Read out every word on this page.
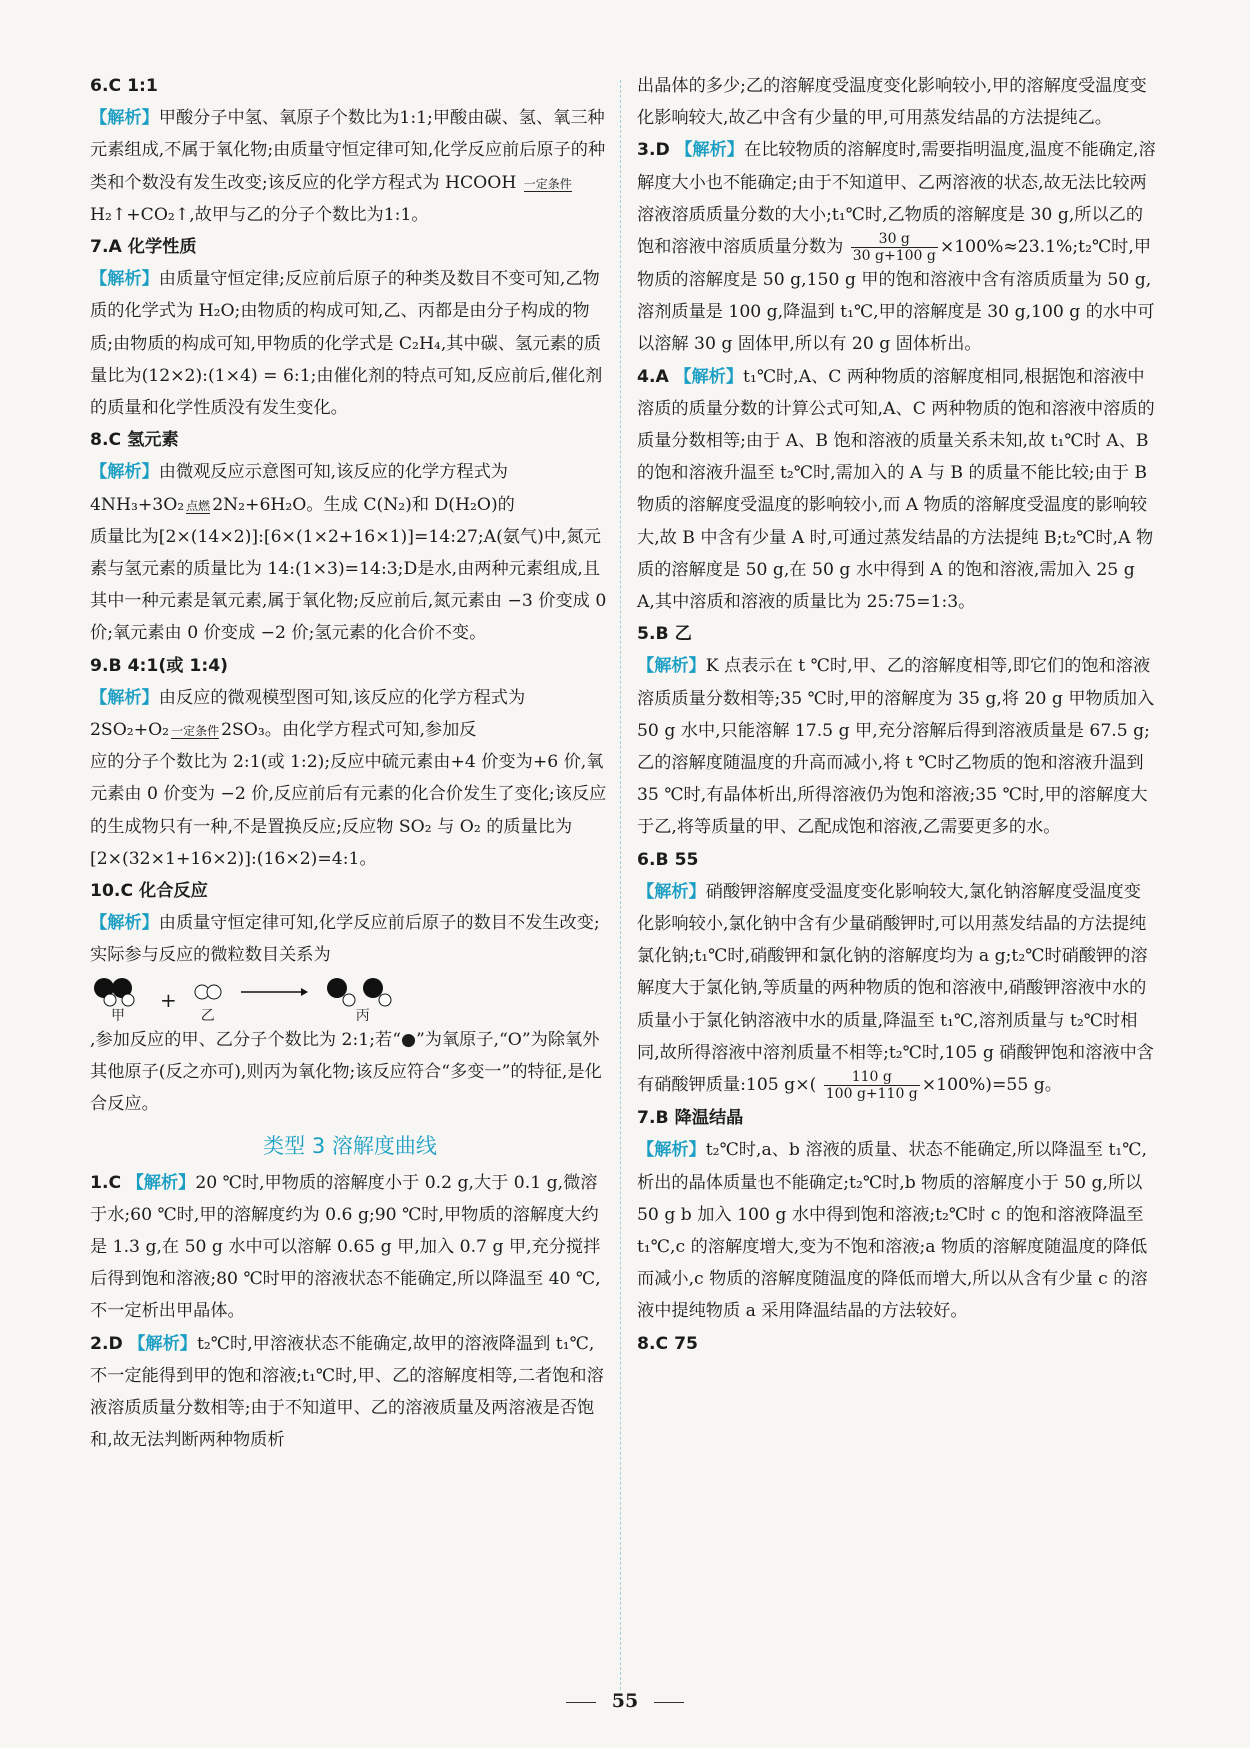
6.C 1:1
【解析】甲酸分子中氢、氧原子个数比为1:1;甲酸由碳、氢、氧三种元素组成,不属于氧化物;由质量守恒定律可知,化学反应前后原子的种类和个数没有发生改变;该反应的化学方程式为 HCOOH 一定条件
H₂↑+CO₂↑,故甲与乙的分子个数比为1:1。

7.A 化学性质
【解析】由质量守恒定律;反应前后原子的种类及数目不变可知,乙物质的化学式为 H₂O;由物质的构成可知,乙、丙都是由分子构成的物质;由物质的构成可知,甲物质的化学式是 C₂H₄,其中碳、氢元素的质量比为(12×2):(1×4) = 6:1;由催化剂的特点可知,反应前后,催化剂的质量和化学性质没有发生变化。

8.C 氢元素
【解析】由微观反应示意图可知,该反应的化学方程式为
4NH₃+3O₂ 点燃 2N₂+6H₂O。生成 C(N₂)和 D(H₂O)的
质量比为[2×(14×2)]:[6×(1×2+16×1)]=14:27;A(氨气)中,氮元素与氢元素的质量比为 14:(1×3)=14:3;D是水,由两种元素组成,且其中一种元素是氧元素,属于氧化物;反应前后,氮元素由 −3 价变成 0 价;氧元素由 0 价变成 −2 价;氢元素的化合价不变。

9.B 4:1(或 1:4)
【解析】由反应的微观模型图可知,该反应的化学方程式为
2SO₂+O₂ 一定条件 2SO₃。由化学方程式可知,参加反
应的分子个数比为 2:1(或 1:2);反应中硫元素由+4 价变为+6 价,氧元素由 0 价变为 −2 价,反应前后有元素的化合价发生了变化;该反应的生成物只有一种,不是置换反应;反应物 SO₂ 与 O₂ 的质量比为[2×(32×1+16×2)]:(16×2)=4:1。

10.C 化合反应
【解析】由质量守恒定律可知,化学反应前后原子的数目不发生改变;实际参与反应的微粒数目关系为

甲
+

乙
	丙

,参加反应的甲、乙分子个数比为 2:1;若“●”为氧原子,“O”为除氧外其他原子(反之亦可),则丙为氧化物;该反应符合“多变一”的特征,是化合反应。

类型 3 溶解度曲线

1.C 【解析】20 ℃时,甲物质的溶解度小于 0.2 g,大于 0.1 g,微溶于水;60 ℃时,甲的溶解度约为 0.6 g;90 ℃时,甲物质的溶解度大约是 1.3 g,在 50 g 水中可以溶解 0.65 g 甲,加入 0.7 g 甲,充分搅拌后得到饱和溶液;80 ℃时甲的溶液状态不能确定,所以降温至 40 ℃,不一定析出甲晶体。

2.D 【解析】t₂℃时,甲溶液状态不能确定,故甲的溶液降温到 t₁℃,不一定能得到甲的饱和溶液;t₁℃时,甲、乙的溶解度相等,二者饱和溶液溶质质量分数相等;由于不知道甲、乙的溶液质量及两溶液是否饱和,故无法判断两种物质析

出晶体的多少;乙的溶解度受温度变化影响较小,甲的溶解度受温度变化影响较大,故乙中含有少量的甲,可用蒸发结晶的方法提纯乙。

3.D 【解析】在比较物质的溶解度时,需要指明温度,温度不能确定,溶解度大小也不能确定;由于不知道甲、乙两溶液的状态,故无法比较两溶液溶质质量分数的大小;t₁℃时,乙物质的溶解度是 30 g,所以乙的饱和溶液中溶质质量分数为 $\frac{30 g}{30 g+100 g}$ ×100%≈23.1%;t₂℃时,甲物质的溶解度是 50 g,150 g 甲的饱和溶液中含有溶质质量为 50 g,溶剂质量是 100 g,降温到 t₁℃,甲的溶解度是 30 g,100 g 的水中可以溶解 30 g 固体甲,所以有 20 g 固体析出。

4.A 【解析】t₁℃时,A、C 两种物质的溶解度相同,根据饱和溶液中溶质的质量分数的计算公式可知,A、C 两种物质的饱和溶液中溶质的质量分数相等;由于 A、B 饱和溶液的质量关系未知,故 t₁℃时 A、B 的饱和溶液升温至 t₂℃时,需加入的 A 与 B 的质量不能比较;由于 B 物质的溶解度受温度的影响较小,而 A 物质的溶解度受温度的影响较大,故 B 中含有少量 A 时,可通过蒸发结晶的方法提纯 B;t₂℃时,A 物质的溶解度是 50 g,在 50 g 水中得到 A 的饱和溶液,需加入 25 g A,其中溶质和溶液的质量比为 25:75=1:3。

5.B 乙
【解析】K 点表示在 t ℃时,甲、乙的溶解度相等,即它们的饱和溶液溶质质量分数相等;35 ℃时,甲的溶解度为 35 g,将 20 g 甲物质加入 50 g 水中,只能溶解 17.5 g 甲,充分溶解后得到溶液质量是 67.5 g;乙的溶解度随温度的升高而减小,将 t ℃时乙物质的饱和溶液升温到 35 ℃时,有晶体析出,所得溶液仍为饱和溶液;35 ℃时,甲的溶解度大于乙,将等质量的甲、乙配成饱和溶液,乙需要更多的水。

6.B 55
【解析】硝酸钾溶解度受温度变化影响较大,氯化钠溶解度受温度变化影响较小,氯化钠中含有少量硝酸钾时,可以用蒸发结晶的方法提纯氯化钠;t₁℃时,硝酸钾和氯化钠的溶解度均为 a g;t₂℃时硝酸钾的溶解度大于氯化钠,等质量的两种物质的饱和溶液中,硝酸钾溶液中水的质量小于氯化钠溶液中水的质量,降温至 t₁℃,溶剂质量与 t₂℃时相同,故所得溶液中溶剂质量不相等;t₂℃时,105 g 硝酸钾饱和溶液中含有硝酸钾质量:105 $g\times( \frac{110 g}{100 g+110 g} \times 100\%)=55$ g。

7.B 降温结晶
【解析】t₂℃时,a、b 溶液的质量、状态不能确定,所以降温至 t₁℃,析出的晶体质量也不能确定;t₂℃时,b 物质的溶解度小于 50 g,所以 50 g b 加入 100 g 水中得到饱和溶液;t₂℃时 c 的饱和溶液降温至 t₁℃,c 的溶解度增大,变为不饱和溶液;a 物质的溶解度随温度的降低而减小,c 物质的溶解度随温度的降低而增大,所以从含有少量 c 的溶液中提纯物质 a 采用降温结晶的方法较好。

8.C 75

55
